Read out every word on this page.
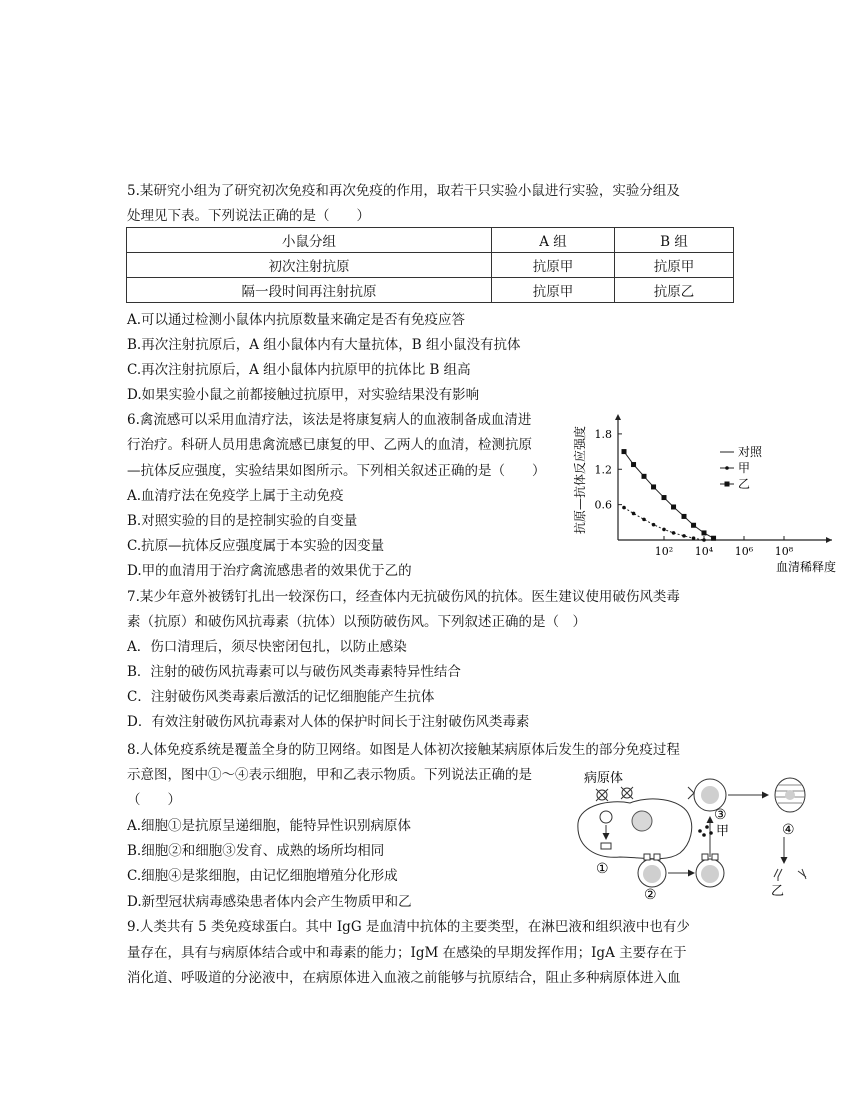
5.某研究小组为了研究初次免疫和再次免疫的作用，取若干只实验小鼠进行实验，实验分组及
处理见下表。下列说法正确的是（　　）
小鼠分组	A 组	B 组
初次注射抗原	抗原甲	抗原甲
隔一段时间再注射抗原	抗原甲	抗原乙
A.可以通过检测小鼠体内抗原数量来确定是否有免疫应答
B.再次注射抗原后，A 组小鼠体内有大量抗体，B 组小鼠没有抗体
C.再次注射抗原后，A 组小鼠体内抗原甲的抗体比 B 组高
D.如果实验小鼠之前都接触过抗原甲，对实验结果没有影响
6.禽流感可以采用血清疗法，该法是将康复病人的血液制备成血清进
行治疗。科研人员用患禽流感已康复的甲、乙两人的血清，检测抗原
—抗体反应强度，实验结果如图所示。下列相关叙述正确的是（　　）
A.血清疗法在免疫学上属于主动免疫
B.对照实验的目的是控制实验的自变量
C.抗原—抗体反应强度属于本实验的因变量
D.甲的血清用于治疗禽流感患者的效果优于乙的
0.6
1.2
1.8
10² 10⁴ 10⁶ 10⁸
血清稀释度
抗原—抗体反应强度	对照
甲
乙
7.某少年意外被锈钉扎出一较深伤口，经查体内无抗破伤风的抗体。医生建议使用破伤风类毒
素（抗原）和破伤风抗毒素（抗体）以预防破伤风。下列叙述正确的是（　）
A．伤口清理后，须尽快密闭包扎，以防止感染
B．注射的破伤风抗毒素可以与破伤风类毒素特异性结合
C．注射破伤风类毒素后激活的记忆细胞能产生抗体
D．有效注射破伤风抗毒素对人体的保护时间长于注射破伤风类毒素
8.人体免疫系统是覆盖全身的防卫网络。如图是人体初次接触某病原体后发生的部分免疫过程
示意图，图中①～④表示细胞，甲和乙表示物质。下列说法正确的是
（　　）
A.细胞①是抗原呈递细胞，能特异性识别病原体
B.细胞②和细胞③发育、成熟的场所均相同
C.细胞④是浆细胞，由记忆细胞增殖分化形成
D.新型冠状病毒感染患者体内会产生物质甲和乙
病原体
①
②
甲
③
④
乙
9.人类共有 5 类免疫球蛋白。其中 IgG 是血清中抗体的主要类型，在淋巴液和组织液中也有少
量存在，具有与病原体结合或中和毒素的能力；IgM 在感染的早期发挥作用；IgA 主要存在于
消化道、呼吸道的分泌液中，在病原体进入血液之前能够与抗原结合，阻止多种病原体进入血
